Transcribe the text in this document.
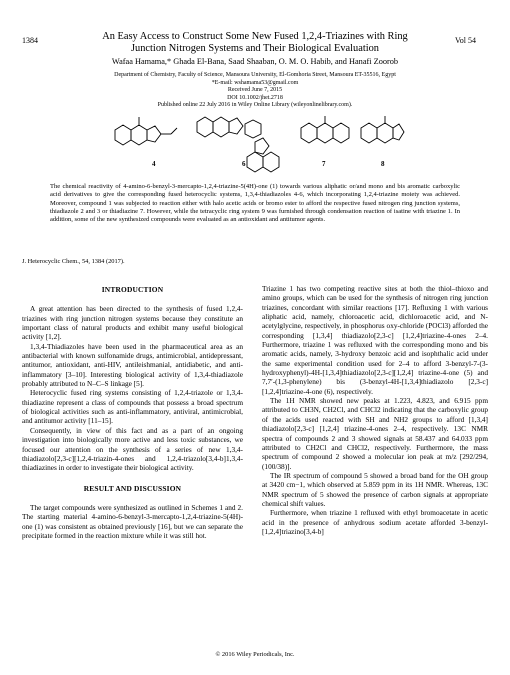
1384	Vol 54
An Easy Access to Construct Some New Fused 1,2,4-Triazines with Ring
Junction Nitrogen Systems and Their Biological Evaluation
Wafaa Hamama,* Ghada El-Bana, Saad Shaaban, O. M. O. Habib, and Hanafi Zoorob
Department of Chemistry, Faculty of Science, Mansoura University, El-Gomhoria Street, Mansoura ET-35516, Egypt
*E-mail: wshamama53@gmail.com
Received June 7, 2015
DOI 10.1002/jhet.2718
Published online 22 July 2016 in Wiley Online Library (wileyonlinelibrary.com).
4	6	7	8
The chemical reactivity of 4-amino-6-benzyl-3-mercapto-1,2,4-triazine-5(4H)-one (1) towards various aliphatic or/and mono and bis aromatic carboxylic acid derivatives to give the corresponding fused heterocyclic systems, 1,3,4-thiadiazoles 4-6, which incorporating 1,2,4-triazine moiety was achieved. Moreover, compound 1 was subjected to reaction either with halo acetic acids or bromo ester to afford the respective fused nitrogen ring junction systems, thiadiazole 2 and 3 or thiadiazine 7. However, while the tetracyclic ring system 9 was furnished through condensation reaction of isatine with triazine 1. In addition, some of the new synthesized compounds were evaluated as an antioxidant and antitumor agents.
J. Heterocyclic Chem., 54, 1384 (2017).
INTRODUCTION

A great attention has been directed to the synthesis of fused 1,2,4-triazines with ring junction nitrogen systems because they constitute an important class of natural products and exhibit many useful biological activity [1,2].

1,3,4-Thiadiazoles have been used in the pharmaceutical area as an antibacterial with known sulfonamide drugs, antimicrobial, antidepressant, antitumor, antioxidant, anti-HIV, antileishmanial, antidiabetic, and anti-inflammatory [3–10]. Interesting biological activity of 1,3,4-thiadiazole probably attributed to N–C–S linkage [5].

Heterocyclic fused ring systems consisting of 1,2,4-triazole or 1,3,4-thiadiazine represent a class of compounds that possess a broad spectrum of biological activities such as anti-inflammatory, antiviral, antimicrobial, and antitumor activity [11–15].

Consequently, in view of this fact and as a part of an ongoing investigation into biologically more active and less toxic substances, we focused our attention on the synthesis of a series of new 1,3,4-thiadiazolo[2,3-c][1,2,4-triazin-4-ones and 1,2,4-triazolo[3,4-b]1,3,4-thiadiazines in order to investigate their biological activity.

RESULT AND DISCUSSION

The target compounds were synthesized as outlined in Schemes 1 and 2. The starting material 4-amino-6-benzyl-3-mercapto-1,2,4-triazine-5(4H)-one (1) was consistent as obtained previously [16], but we can separate the precipitate formed in the reaction mixture while it was still hot.

Triazine 1 has two competing reactive sites at both the thiol–thioxo and amino groups, which can be used for the synthesis of nitrogen ring junction triazines, concordant with similar reactions [17]. Refluxing 1 with various aliphatic acid, namely, chloroacetic acid, dichloroacetic acid, and N-acetylglycine, respectively, in phosphorus oxy-chloride (POCl3) afforded the corresponding [1,3,4] thiadiazolo[2,3-c] [1,2,4]triazine-4-ones 2–4. Furthermore, triazine 1 was refluxed with the corresponding mono and bis aromatic acids, namely, 3-hydroxy benzoic acid and isophthalic acid under the same experimental condition used for 2–4 to afford 3-benzyl-7-(3-hydroxyphenyl)-4H-[1,3,4]thiadiazolo[2,3-c][1,2,4] triazine-4-one (5) and 7,7′-(1,3-phenylene) bis (3-benzyl-4H-[1,3,4]thiadiazolo [2,3-c][1,2,4]triazine-4-one (6), respectively.

The 1H NMR showed new peaks at 1.223, 4.823, and 6.915 ppm attributed to CH3N, CH2Cl, and CHCl2 indicating that the carboxylic group of the acids used reacted with SH and NH2 groups to afford [1,3,4] thiadiazolo[2,3-c] [1,2,4] triazine-4-ones 2–4, respectively. 13C NMR spectra of compounds 2 and 3 showed signals at 58.437 and 64.033 ppm attributed to CH2Cl and CHCl2, respectively. Furthermore, the mass spectrum of compound 2 showed a molecular ion peak at m/z [292/294, (100/38)].

The IR spectrum of compound 5 showed a broad band for the OH group at 3420 cm−1, which observed at 5.859 ppm in its 1H NMR. Whereas, 13C NMR spectrum of 5 showed the presence of carbon signals at appropriate chemical shift values.

Furthermore, when triazine 1 refluxed with ethyl bromoacetate in acetic acid in the presence of anhydrous sodium acetate afforded 3-benzyl-[1,2,4]triazino[3,4-b]

© 2016 Wiley Periodicals, Inc.
